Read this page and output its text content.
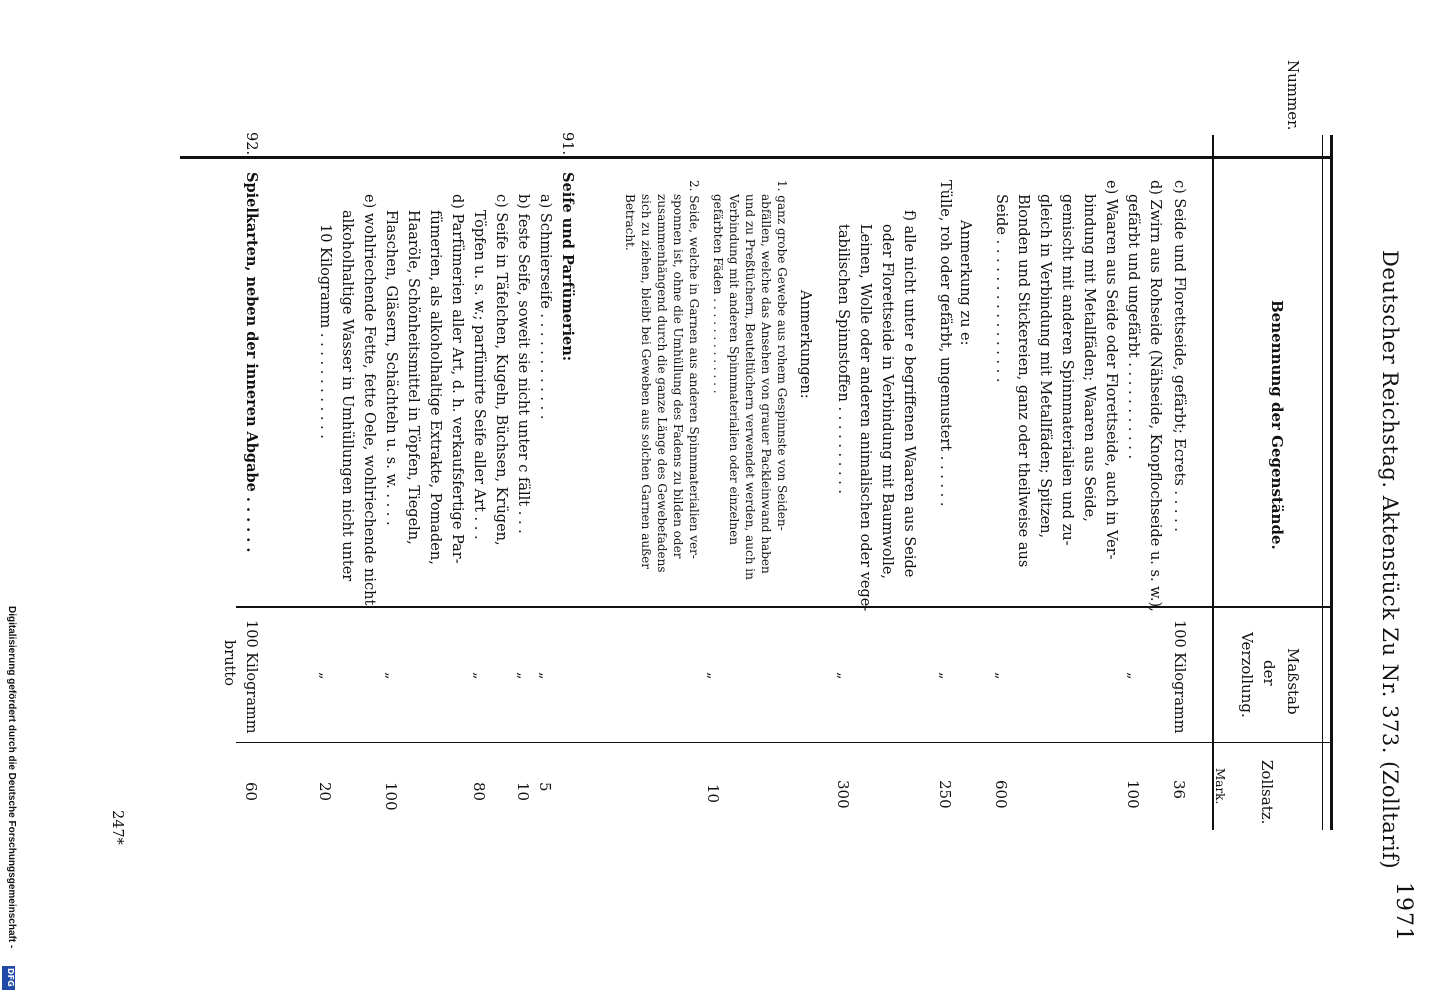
1971
Deutscher Reichstag. Aktenstück Zu Nr. 373. (Zolltarif)
Nummer.
Benennung der Gegenstände.
Maßstab
der
Verzollung.
Zollsatz.
Mark.
c) Seide und Florettseide, gefärbt; Ecrets . . . . .
100 Kilogramm
36
d) Zwirn aus Rohseide (Nähseide, Knopflochseide u. s. w.),
gefärbt und ungefärbt . . . . . . . . . . .
„
100
e) Waaren aus Seide oder Florettseide, auch in Ver-
bindung mit Metallfäden; Waaren aus Seide,
gemischt mit anderen Spinnmaterialien und zu-
gleich in Verbindung mit Metallfäden; Spitzen,
Blonden und Stickereien, ganz oder theilweise aus
Seide . . . . . . . . . . . . . . . .
„
600
Anmerkung zu e:
Tülle, roh oder gefärbt, ungemustert . . . . . .
„
250
f) alle nicht unter e begriffenen Waaren aus Seide
oder Florettseide in Verbindung mit Baumwolle,
Leinen, Wolle oder anderen animalischen oder vege-
tabilischen Spinnstoffen . . . . . . . . . .
„
300
Anmerkungen:
1. ganz grobe Gewebe aus rohem Gespinnste von Seiden-
abfällen, welche das Ansehen von grauer Packleinwand haben
und zu Preßtüchern, Beuteltüchern verwendet werden, auch in
Verbindung mit anderen Spinnmaterialien oder einzelnen
gefärbten Fäden . . . . . . . . . . . . .
2. Seide, welche in Garnen aus anderen Spinnmaterialien ver-
sponnen ist, ohne die Umhüllung des Fadens zu bilden oder
zusammenhängend durch die ganze Länge des Gewebefadens
sich zu ziehen, bleibt bei Geweben aus solchen Garnen außer
Betracht.
„
10
Seife und Parfümerien:
a) Schmierseife . . . . . . . . . . . .
„
5
b) feste Seife, soweit sie nicht unter c fällt . . .
„
10
c) Seife in Täfelchen, Kugeln, Büchsen, Krügen,
Töpfen u. s. w.; parfümirte Seife aller Art . . .
„
80
d) Parfümerien aller Art, d. h. verkaufsfertige Par-
fümerien, als alkoholhaltige Extrakte, Pomaden,
Haaröle, Schönheitsmittel in Töpfen, Tiegeln,
Flaschen, Gläsern, Schächteln u. s. w. . . . .
„
100
e) wohlriechende Fette, fette Oele, wohlriechende nicht
alkoholhaltige Wasser in Umhüllungen nicht unter
10 Kilogramm . . . . . . . . . . . .
„
20
Spielkarten, neben der inneren Abgabe . . . . . .
100 Kilogramm
brutto
60
91.
92.
247*
Digitalisierung gefördert durch die Deutsche Forschungsgemeinschaft -
DFG
